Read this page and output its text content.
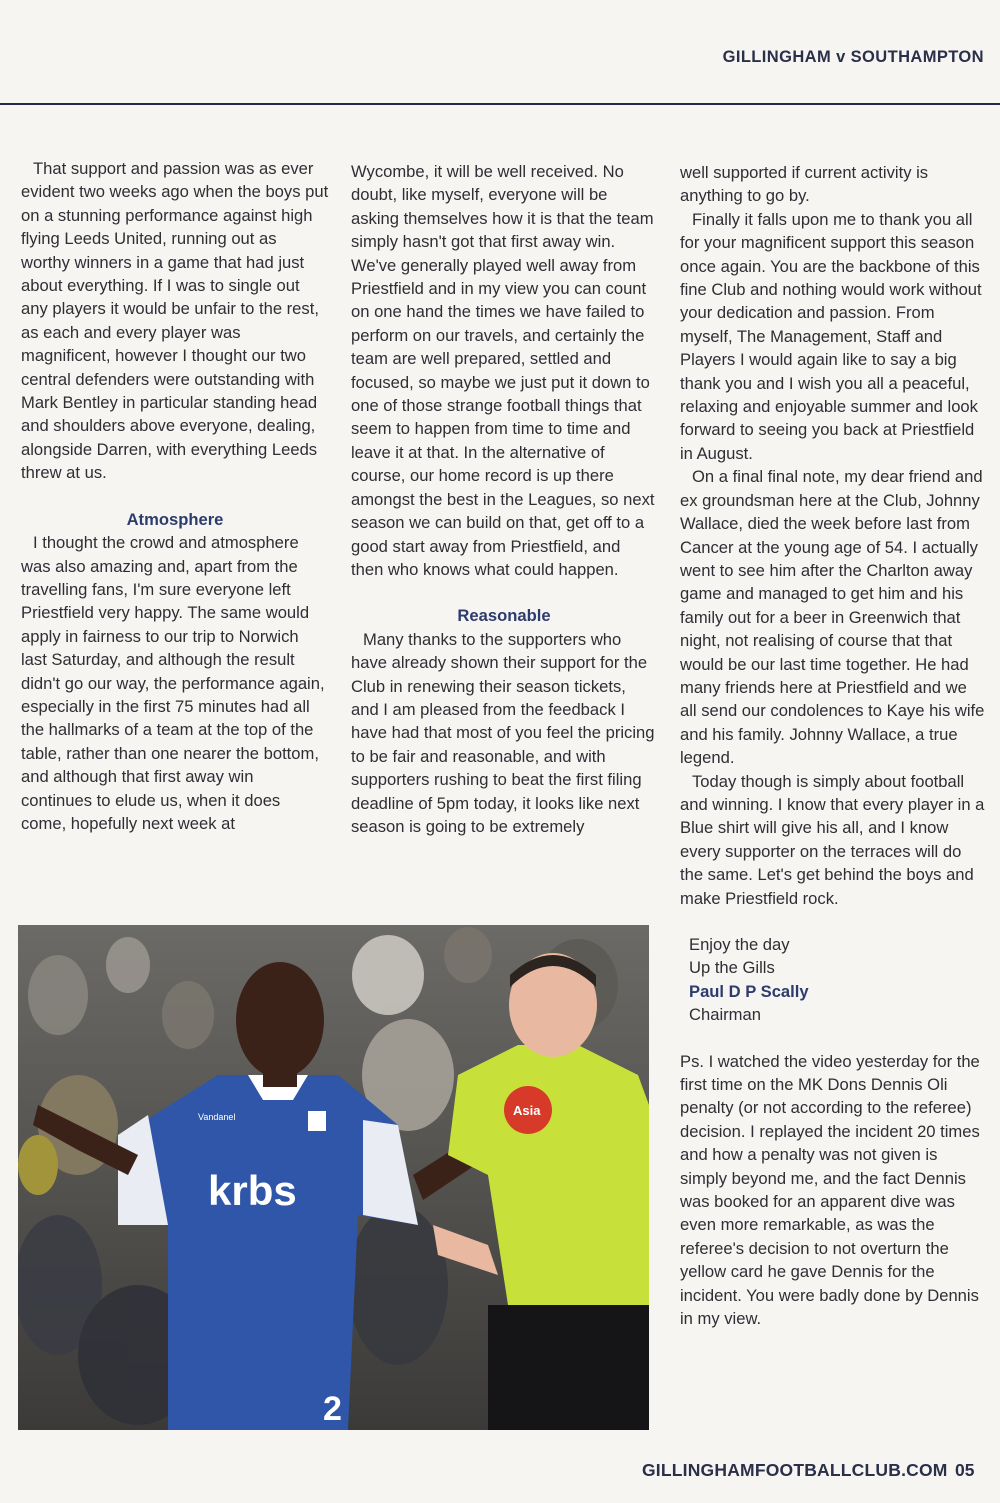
GILLINGHAM v SOUTHAMPTON

That support and passion was as ever evident two weeks ago when the boys put on a stunning performance against high flying Leeds United, running out as worthy winners in a game that had just about everything. If I was to single out any players it would be unfair to the rest, as each and every player was magnificent, however I thought our two central defenders were outstanding with Mark Bentley in particular standing head and shoulders above everyone, dealing, alongside Darren, with everything Leeds threw at us.

Atmosphere

I thought the crowd and atmosphere was also amazing and, apart from the travelling fans, I'm sure everyone left Priestfield very happy. The same would apply in fairness to our trip to Norwich last Saturday, and although the result didn't go our way, the performance again, especially in the first 75 minutes had all the hallmarks of a team at the top of the table, rather than one nearer the bottom, and although that first away win continues to elude us, when it does come, hopefully next week at

Wycombe, it will be well received. No doubt, like myself, everyone will be asking themselves how it is that the team simply hasn't got that first away win. We've generally played well away from Priestfield and in my view you can count on one hand the times we have failed to perform on our travels, and certainly the team are well prepared, settled and focused, so maybe we just put it down to one of those strange football things that seem to happen from time to time and leave it at that. In the alternative of course, our home record is up there amongst the best in the Leagues, so next season we can build on that, get off to a good start away from Priestfield, and then who knows what could happen.

Reasonable

Many thanks to the supporters who have already shown their support for the Club in renewing their season tickets, and I am pleased from the feedback I have had that most of you feel the pricing to be fair and reasonable, and with supporters rushing to beat the first filing deadline of 5pm today, it looks like next season is going to be extremely

well supported if current activity is anything to go by.

Finally it falls upon me to thank you all for your magnificent support this season once again. You are the backbone of this fine Club and nothing would work without your dedication and passion. From myself, The Management, Staff and Players I would again like to say a big thank you and I wish you all a peaceful, relaxing and enjoyable summer and look forward to seeing you back at Priestfield in August.

On a final final note, my dear friend and ex groundsman here at the Club, Johnny Wallace, died the week before last from Cancer at the young age of 54. I actually went to see him after the Charlton away game and managed to get him and his family out for a beer in Greenwich that night, not realising of course that that would be our last time together. He had many friends here at Priestfield and we all send our condolences to Kaye his wife and his family. Johnny Wallace, a true legend.

Today though is simply about football and winning. I know that every player in a Blue shirt will give his all, and I know every supporter on the terraces will do the same. Let's get behind the boys and make Priestfield rock.

Enjoy the day

Up the Gills

Paul D P Scally

Chairman

Ps. I watched the video yesterday for the first time on the MK Dons Dennis Oli penalty (or not according to the referee) decision. I replayed the incident 20 times and how a penalty was not given is simply beyond me, and the fact Dennis was booked for an apparent dive was even more remarkable, as was the referee's decision to not overturn the yellow card he gave Dennis for the incident. You were badly done by Dennis in my view.

krbs
Vandanel
2
Asia
GILLINGHAMFOOTBALLCLUB.COM 05
